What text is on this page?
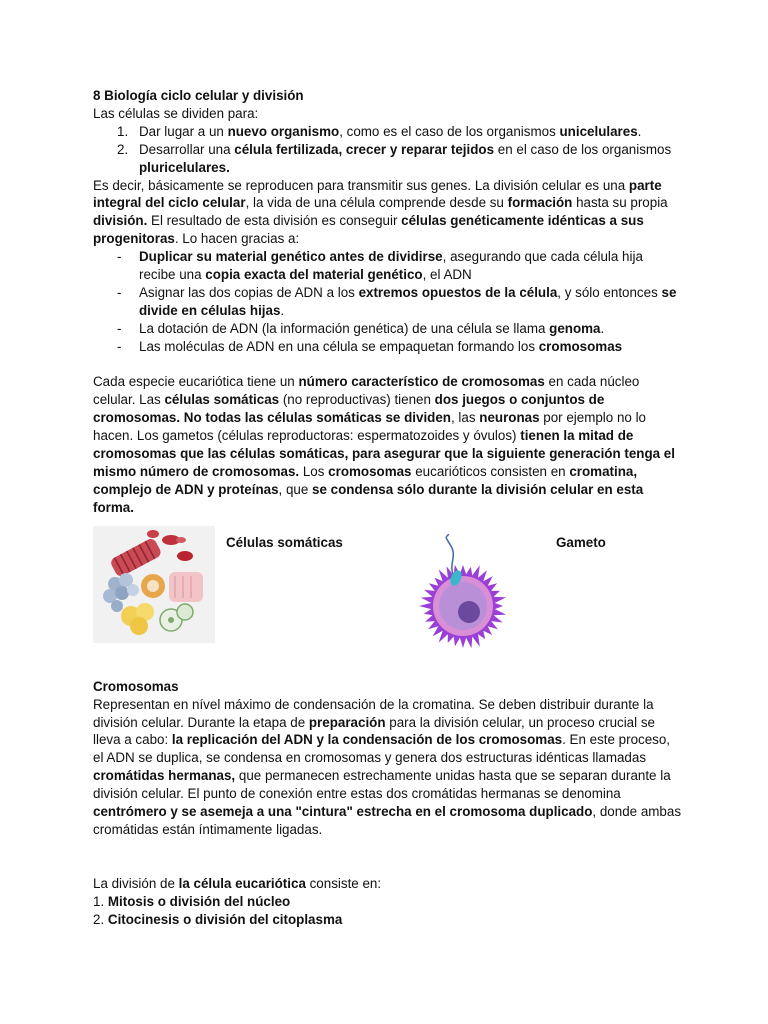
8 Biología ciclo celular y división

Las células se dividen para:

1. Dar lugar a un nuevo organismo, como es el caso de los organismos unicelulares.
2. Desarrollar una célula fertilizada, crecer y reparar tejidos en el caso de los organismos pluricelulares.

Es decir, básicamente se reproducen para transmitir sus genes. La división celular es una parte integral del ciclo celular, la vida de una célula comprende desde su formación hasta su propia división. El resultado de esta división es conseguir células genéticamente idénticas a sus progenitoras. Lo hacen gracias a:

- Duplicar su material genético antes de dividirse, asegurando que cada célula hija recibe una copia exacta del material genético, el ADN
- Asignar las dos copias de ADN a los extremos opuestos de la célula, y sólo entonces se divide en células hijas.
- La dotación de ADN (la información genética) de una célula se llama genoma.
- Las moléculas de ADN en una célula se empaquetan formando los cromosomas

Cada especie eucariótica tiene un número característico de cromosomas en cada núcleo celular. Las células somáticas (no reproductivas) tienen dos juegos o conjuntos de cromosomas. No todas las células somáticas se dividen, las neuronas por ejemplo no lo hacen. Los gametos (células reproductoras: espermatozoides y óvulos) tienen la mitad de cromosomas que las células somáticas, para asegurar que la siguiente generación tenga el mismo número de cromosomas. Los cromosomas eucarióticos consisten en cromatina, complejo de ADN y proteínas, que se condensa sólo durante la división celular en esta forma.

Células somáticas	Gameto

Cromosomas

Representan en nível máximo de condensación de la cromatina. Se deben distribuir durante la división celular. Durante la etapa de preparación para la división celular, un proceso crucial se lleva a cabo: la replicación del ADN y la condensación de los cromosomas. En este proceso, el ADN se duplica, se condensa en cromosomas y genera dos estructuras idénticas llamadas cromátidas hermanas, que permanecen estrechamente unidas hasta que se separan durante la división celular. El punto de conexión entre estas dos cromátidas hermanas se denomina centrómero y se asemeja a una "cintura" estrecha en el cromosoma duplicado, donde ambas cromátidas están íntimamente ligadas.

La división de la célula eucariótica consiste en:

1. Mitosis o división del núcleo

2. Citocinesis o división del citoplasma
